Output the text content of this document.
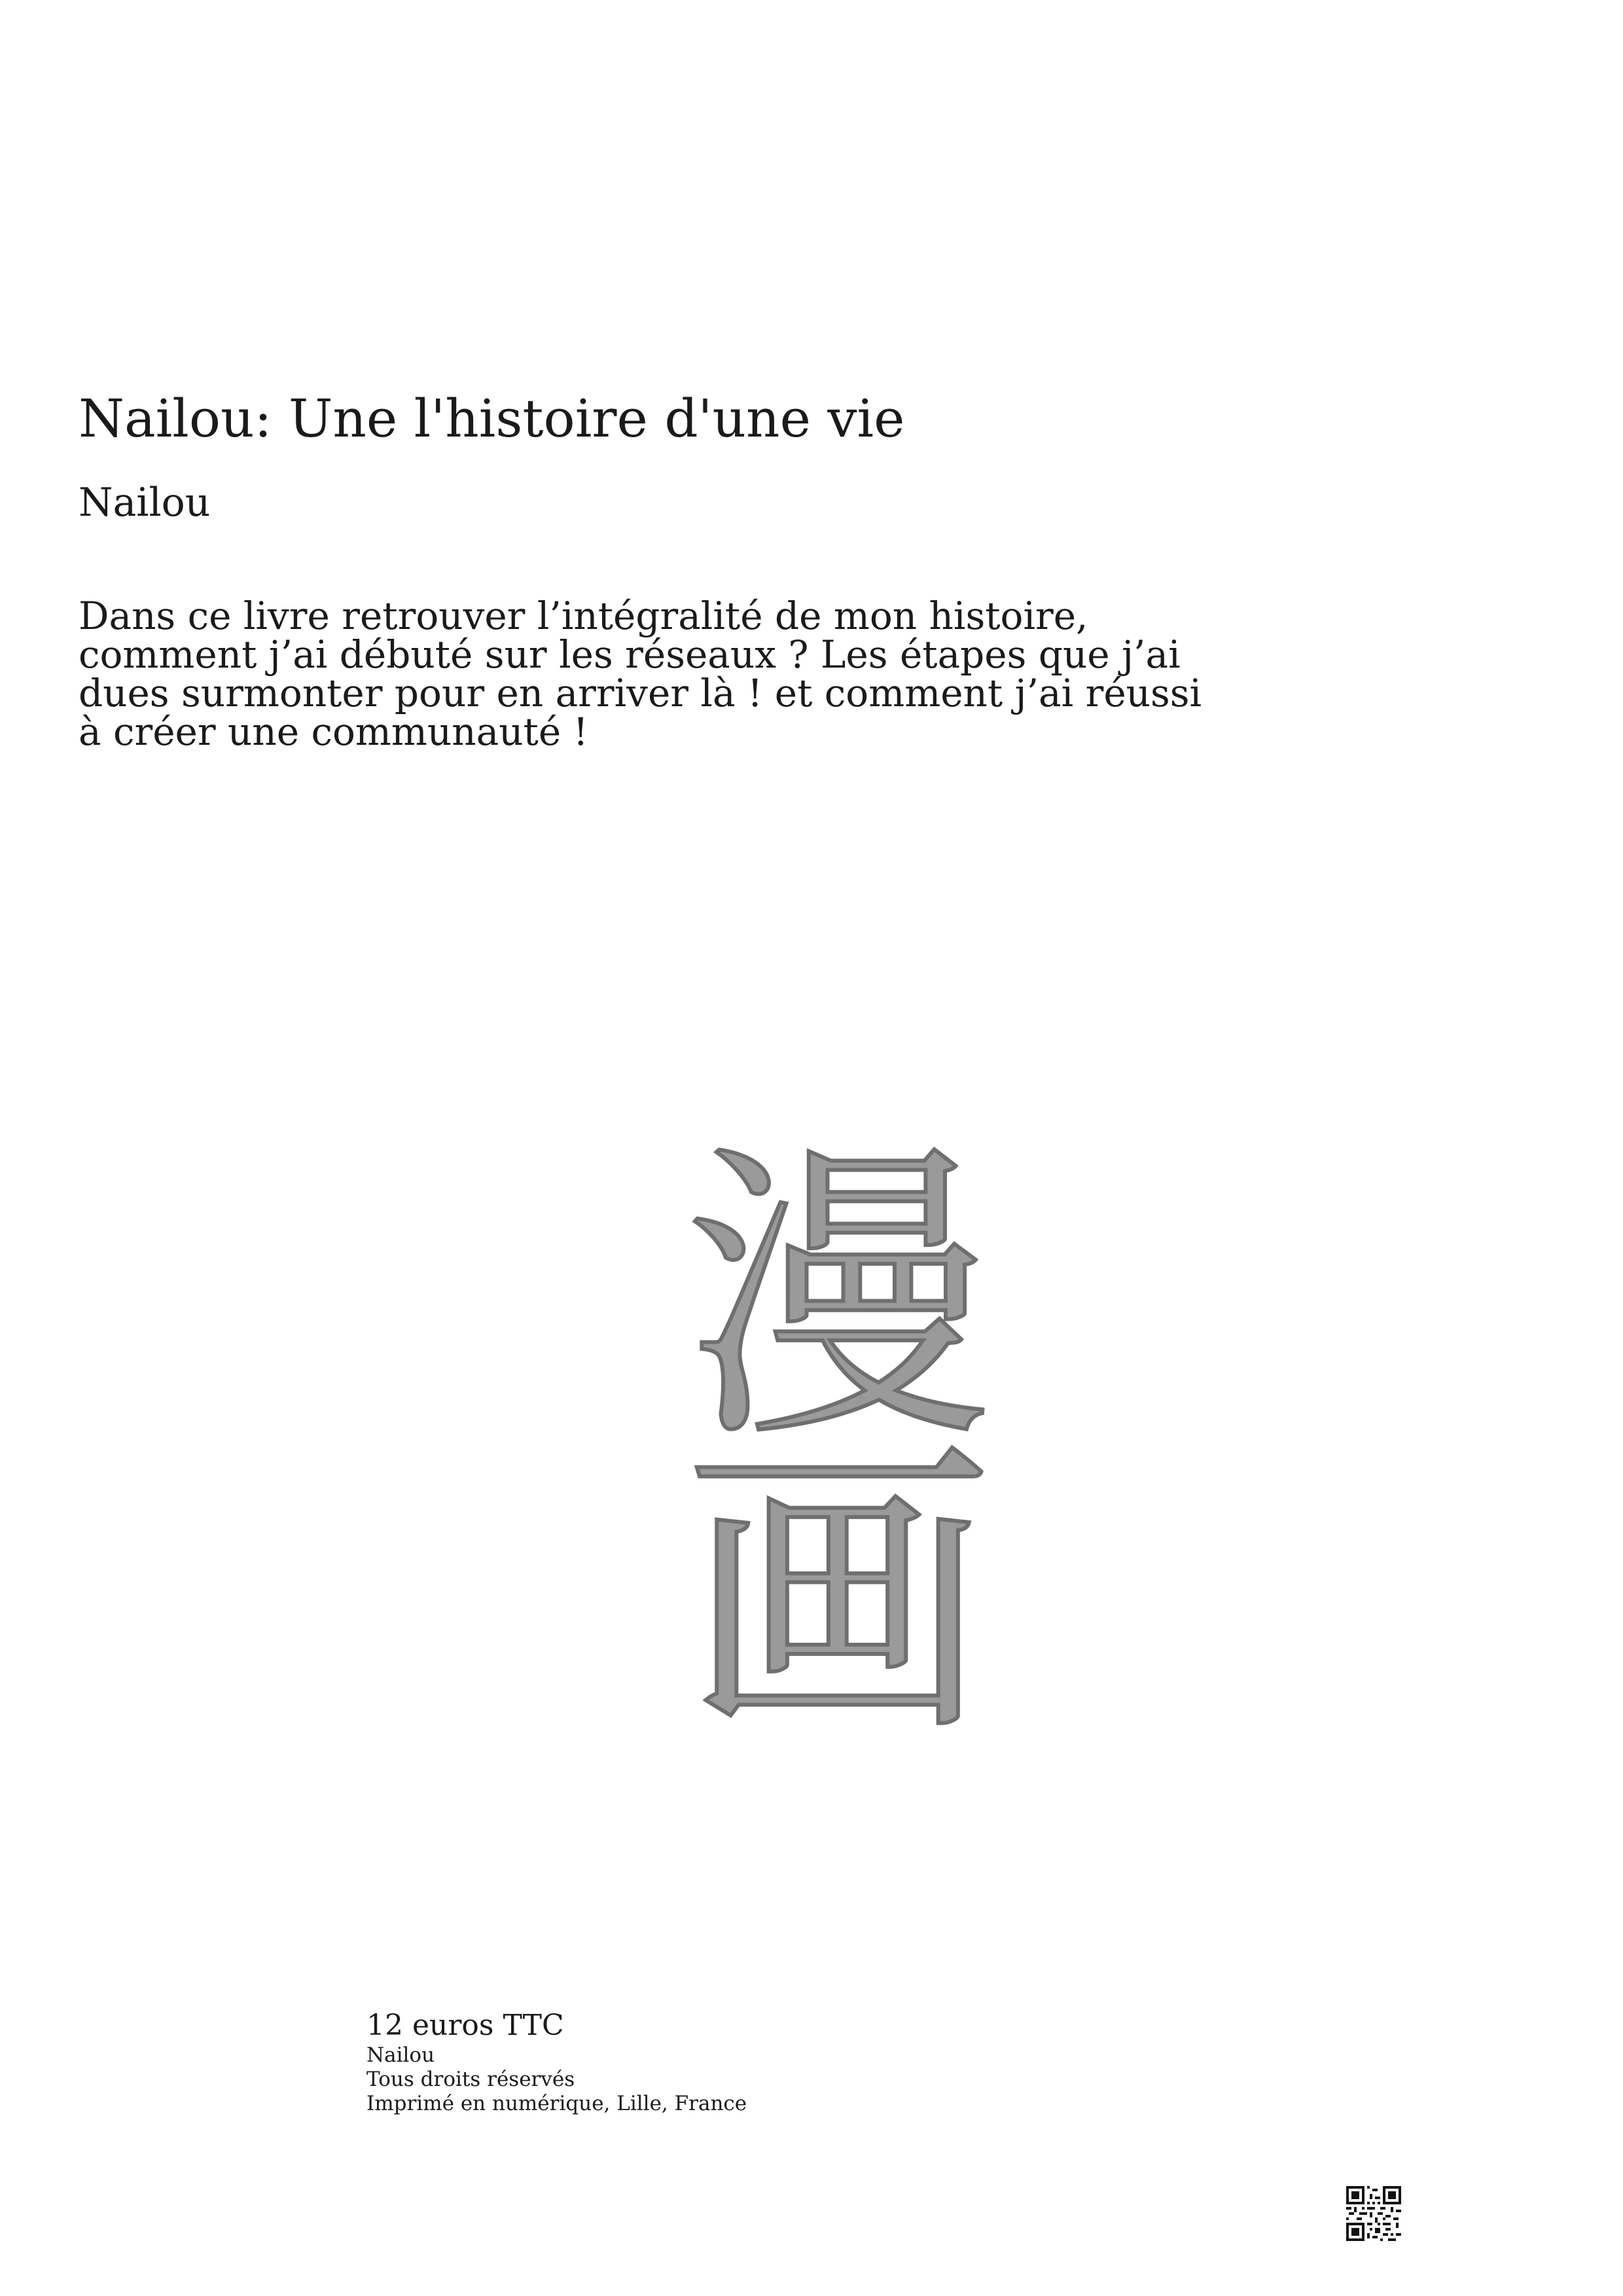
Nailou: Une l'histoire d'une vie
Nailou
Dans ce livre retrouver l’intégralité de mon histoire,
comment j’ai débuté sur les réseaux ? Les étapes que j’ai
dues surmonter pour en arriver là ! et comment j’ai réussi
à créer une communauté !
漫
画
12 euros TTC
Nailou
Tous droits réservés
Imprimé en numérique, Lille, France
